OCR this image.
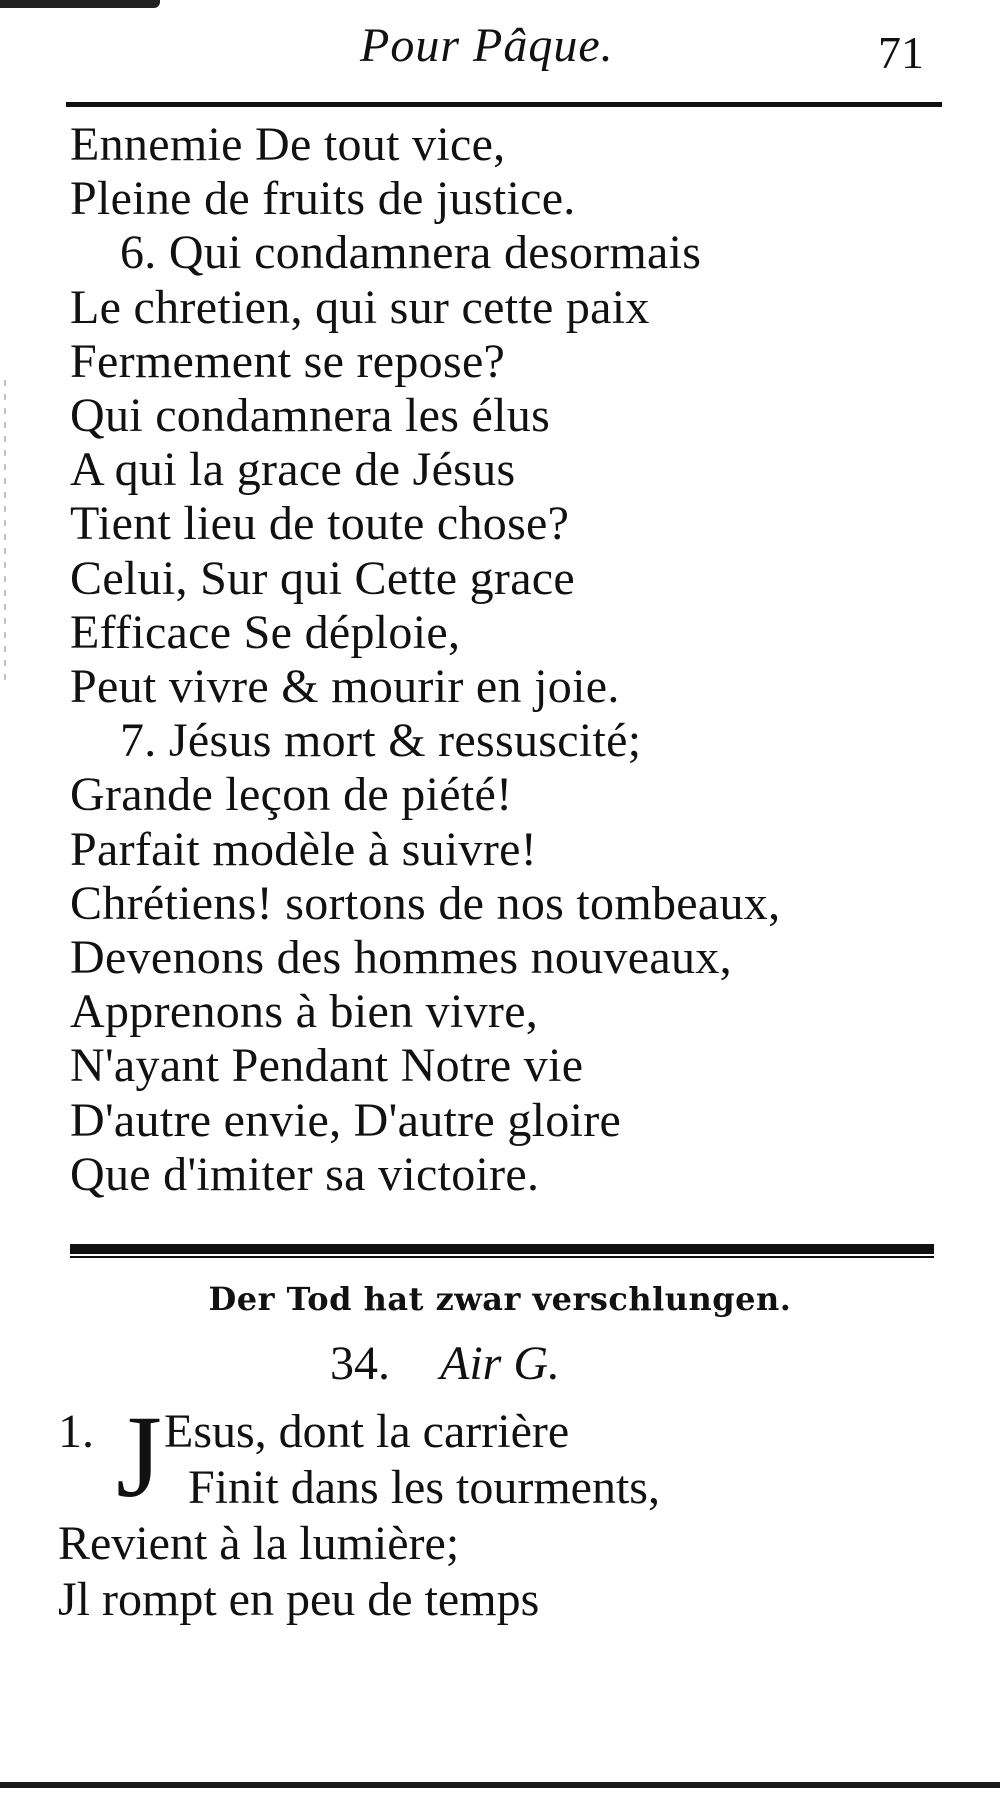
Pour Pâque.	71
Ennemie De tout vice,
Pleine de fruits de justice.
6. Qui condamnera desormais
Le chretien, qui sur cette paix
Fermement se repose?
Qui condamnera les élus
A qui la grace de Jésus
Tient lieu de toute chose?
Celui, Sur qui Cette grace
Efficace Se déploie,
Peut vivre & mourir en joie.
7. Jésus mort & ressuscité;
Grande leçon de piété!
Parfait modèle à suivre!
Chrétiens! sortons de nos tombeaux,
Devenons des hommes nouveaux,
Apprenons à bien vivre,
N'ayant Pendant Notre vie
D'autre envie, D'autre gloire
Que d'imiter sa victoire.
Der Tod hat zwar verschlungen.
34. Air G.
1. J Esus, dont la carrière
Finit dans les tourments,
Revient à la lumière;
Jl rompt en peu de temps
